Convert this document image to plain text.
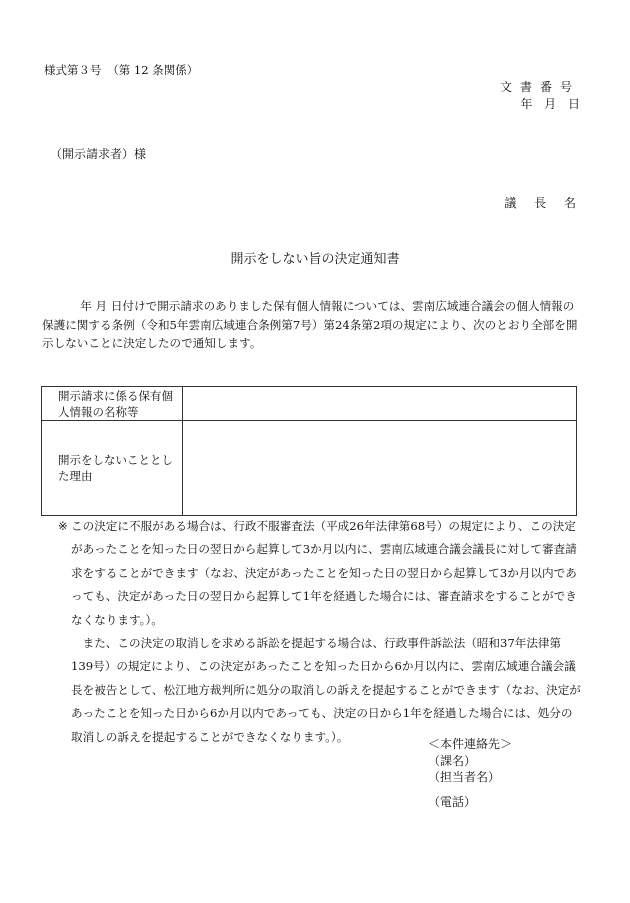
様式第３号　（第 12 条関係）
文書番号
年 月 日
（開示請求者）様
議 長 名
開示をしない旨の決定通知書

年 月 日付けで開示請求のありました保有個人情報については、雲南広域連合議会の個人情報の保護に関する条例（令和5年雲南広域連合条例第7号）第24条第2項の規定により、次のとおり全部を開示しないことに決定したので通知します。

開示請求に係る保有個人情報の名称等	
開示をしないこととした理由	

※ この決定に不服がある場合は、行政不服審査法（平成26年法律第68号）の規定により、この決定があったことを知った日の翌日から起算して3か月以内に、雲南広域連合議会議長に対して審査請求をすることができます（なお、決定があったことを知った日の翌日から起算して3か月以内であっても、決定があった日の翌日から起算して1年を経過した場合には、審査請求をすることができなくなります。）。

また、この決定の取消しを求める訴訟を提起する場合は、行政事件訴訟法（昭和37年法律第139号）の規定により、この決定があったことを知った日から6か月以内に、雲南広域連合議会議長を被告として、松江地方裁判所に処分の取消しの訴えを提起することができます（なお、決定があったことを知った日から6か月以内であっても、決定の日から1年を経過した場合には、処分の取消しの訴えを提起することができなくなります。）。

＜本件連絡先＞
（課名）
（担当者名）
（電話）
